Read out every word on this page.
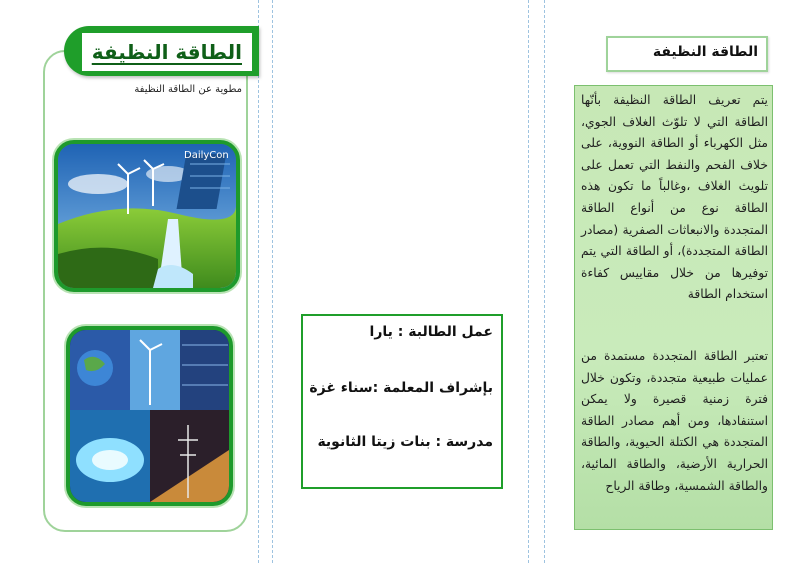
الطاقة النظيفة
مطوية عن الطاقة النظيفة
DailyCon
عمل الطالبة : يارا
بإشراف المعلمة :سناء غزة
مدرسة : بنات زيتا الثانوية
الطاقة النظيفة
يتم تعريف الطاقة النظيفة بأنّها الطاقة التي لا تلوّث الغلاف الجوي، مثل الكهرباء أو الطاقة النووية، على خلاف الفحم والنفط التي تعمل على تلويث الغلاف ،وغالباً ما تكون هذه الطاقة نوع من أنواع الطاقة المتجددة والانبعاثات الصفرية (مصادر الطاقة المتجددة)، أو الطاقة التي يتم توفيرها من خلال مقاييس كفاءة استخدام الطاقة
تعتبر الطاقة المتجددة مستمدة من عمليات طبيعية متجددة، وتكون خلال فترة زمنية قصيرة ولا يمكن استنفادها، ومن أهم مصادر الطاقة المتجددة هي الكتلة الحيوية، والطاقة الحرارية الأرضية، والطاقة المائية، والطاقة الشمسية، وطاقة الرياح
